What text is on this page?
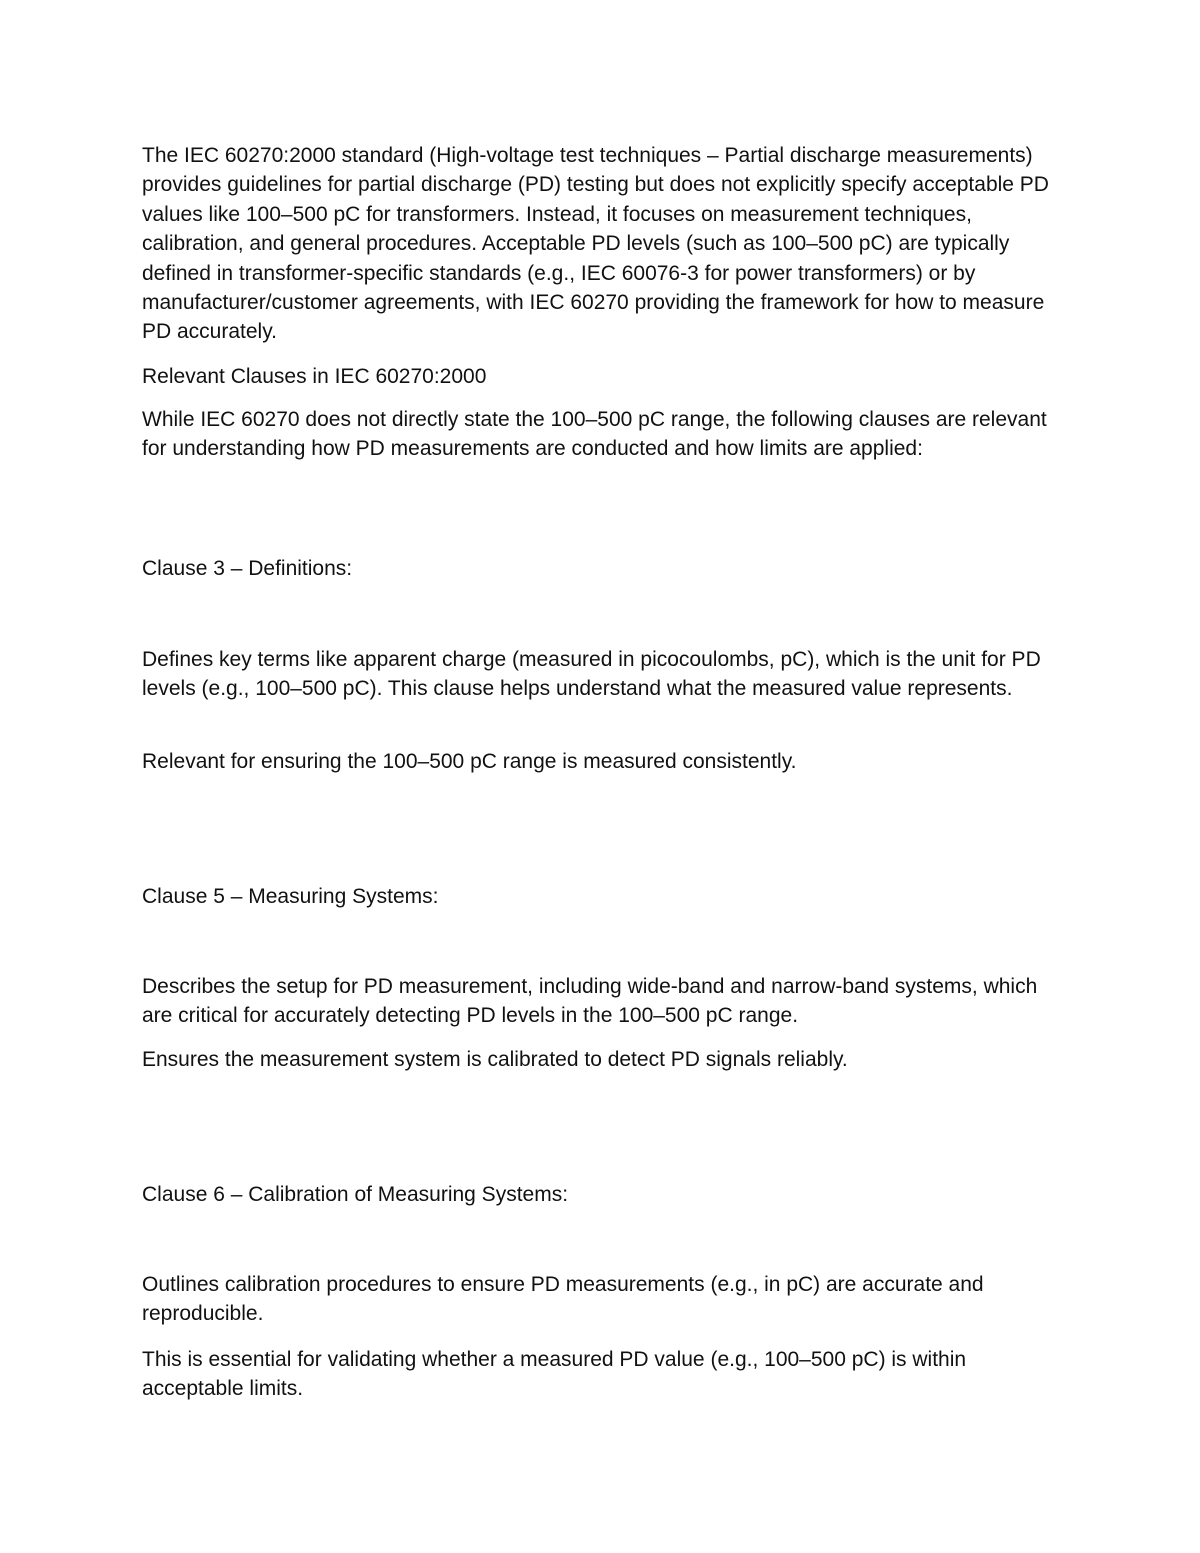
The IEC 60270:2000 standard (High-voltage test techniques – Partial discharge measurements) provides guidelines for partial discharge (PD) testing but does not explicitly specify acceptable PD values like 100–500 pC for transformers. Instead, it focuses on measurement techniques, calibration, and general procedures. Acceptable PD levels (such as 100–500 pC) are typically defined in transformer-specific standards (e.g., IEC 60076-3 for power transformers) or by manufacturer/customer agreements, with IEC 60270 providing the framework for how to measure PD accurately.

Relevant Clauses in IEC 60270:2000

While IEC 60270 does not directly state the 100–500 pC range, the following clauses are relevant for understanding how PD measurements are conducted and how limits are applied:

Clause 3 – Definitions:

Defines key terms like apparent charge (measured in picocoulombs, pC), which is the unit for PD levels (e.g., 100–500 pC). This clause helps understand what the measured value represents.

Relevant for ensuring the 100–500 pC range is measured consistently.

Clause 5 – Measuring Systems:

Describes the setup for PD measurement, including wide-band and narrow-band systems, which are critical for accurately detecting PD levels in the 100–500 pC range.

Ensures the measurement system is calibrated to detect PD signals reliably.

Clause 6 – Calibration of Measuring Systems:

Outlines calibration procedures to ensure PD measurements (e.g., in pC) are accurate and reproducible.

This is essential for validating whether a measured PD value (e.g., 100–500 pC) is within acceptable limits.
